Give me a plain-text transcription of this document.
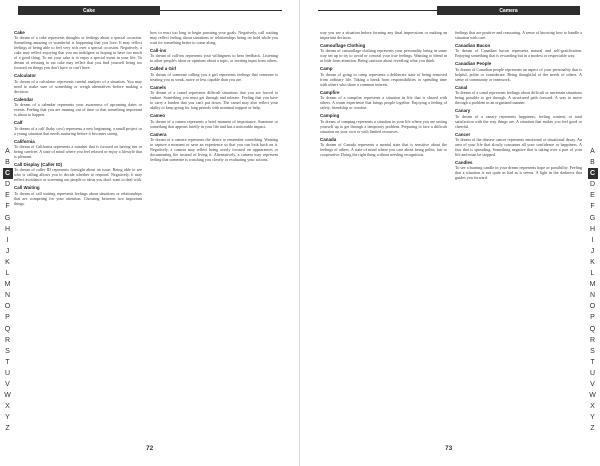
Cake
A
B
C
D
E
F
G
H
I
J
K
L
M
N
O
P
Q
R
S
T
U
V
W
X
Y
Z
Cake
To dream of a cake represents thoughts or feelings about a special occasion. Something amazing or wonderful is happening that you love. It may reflect feelings of being able to feel very rich over a special occasion. Negatively, a cake may reflect enjoying that you are indulgent or hoping to have too much of a good thing. To eat your cake is to enjoy a special event in your life. To dream of refusing to eat cake may reflect that you find yourself being too focused on things you don't have or can't have.
Calculator
To dream of a calculator represents careful analysis of a situation. You may need to make sure of something or weigh alternatives before making a decision.
Calendar
To dream of a calendar represents your awareness of upcoming dates or events. Feeling that you are running out of time or that something important is about to happen.
Calf
To dream of a calf (baby cow) represents a new beginning, a small project or a young situation that needs nurturing before it becomes strong.
California
To dream of California represents a mindset that is focused on having fun or being carefree. A state of mind where you feel relaxed or enjoy a lifestyle that is pleasant.
Call Display (Caller ID)
To dream of caller ID represents foresight about an issue. Being able to see who is calling allows you to decide whether to respond. Negatively, it may reflect avoidance or screening out people or ideas you don't want to deal with.
Call Waiting
To dream of call waiting represents feelings about situations or relationships that are competing for your attention. Choosing between two important things.
how to react too long to begin pursuing your goals. Negatively, call waiting may reflect feeling about situations or relationships being on hold while you wait for something better to come along.
Call-ins
To dream of call-ins represents your willingness to hear feedback. Listening to other people's ideas or opinions about a topic, or inviting input from others.
Called a Girl
To dream of someone calling you a girl represents feelings that someone is treating you as weak, naive or less capable than you are.
Camels
To dream of a camel represents difficult situations that you are forced to endure. Something you must get through and tolerate. Feeling that you have to carry a burden that you can't put down. The camel may also reflect your ability to keep going for long periods with minimal support or help.
Cameo
To dream of a cameo represents a brief moment of importance. Someone or something that appears briefly in your life and has a noticeable impact.
Camera
To dream of a camera represents the desire to remember something. Wanting to capture a moment or save an experience so that you can look back on it. Negatively, a camera may reflect being overly focused on appearances or documenting life instead of living it. Alternatively, a camera may represent feeling that someone is watching you closely or evaluating your actions.
72
Camera
A
B
C
D
E
F
G
H
I
J
K
L
M
N
O
P
Q
R
S
T
U
V
W
X
Y
Z
way you see a situation before forming any final impressions or making an important decision.
Camouflage Clothing
To dream of camouflage clothing represents your personality being in some way set up to try to avoid or conceal your true feelings. Wanting to blend in or hide from attention. Being cautious about revealing what you think.
Camp
To dream of going to camp represents a deliberate state of being removed from ordinary life. Taking a break from responsibilities or spending time with others who share a common interest.
Campfire
To dream of a campfire represents a situation in life that is shared with others. A warm experience that brings people together. Enjoying a feeling of safety, friendship or comfort.
Camping
To dream of camping represents a situation in your life where you are setting yourself up to get through a temporary problem. Preparing to face a difficult situation on your own or with limited resources.
Canada
To dream of Canada represents a mental state that is sensitive about the feelings of others. A state of mind where you care about being polite, fair or cooperative. Doing the right thing without needing recognition.
feelings that are positive and reassuring. A sense of knowing how to handle a situation with care.
Canadian Bacon
To dream of Canadian bacon represents natural and self-gratification. Enjoying something that is rewarding but in a modest or respectable way.
Canadian People
To dream of Canadian people represents an aspect of your personality that is helpful, polite or considerate. Being thoughtful of the needs of others. A sense of community or teamwork.
Canal
To dream of a canal represents feelings about difficult or uncertain situations being possible to get through. A structured path forward. A way to move through a problem in an organized manner.
Canary
To dream of a canary represents happiness, feeling content, or total satisfaction with the way things are. A situation that makes you feel good or cheerful.
Cancer
To dream of the disease cancer represents emotional or situational decay. An area of your life that slowly consumes all your confidence or happiness. A fear that is spreading. Something negative that is taking over a part of your life and must be stopped.
Candles
To see a burning candle in your dream represents hope or possibility. Feeling that a situation is not quite as bad as it seems. A light in the darkness that guides you forward.
73
